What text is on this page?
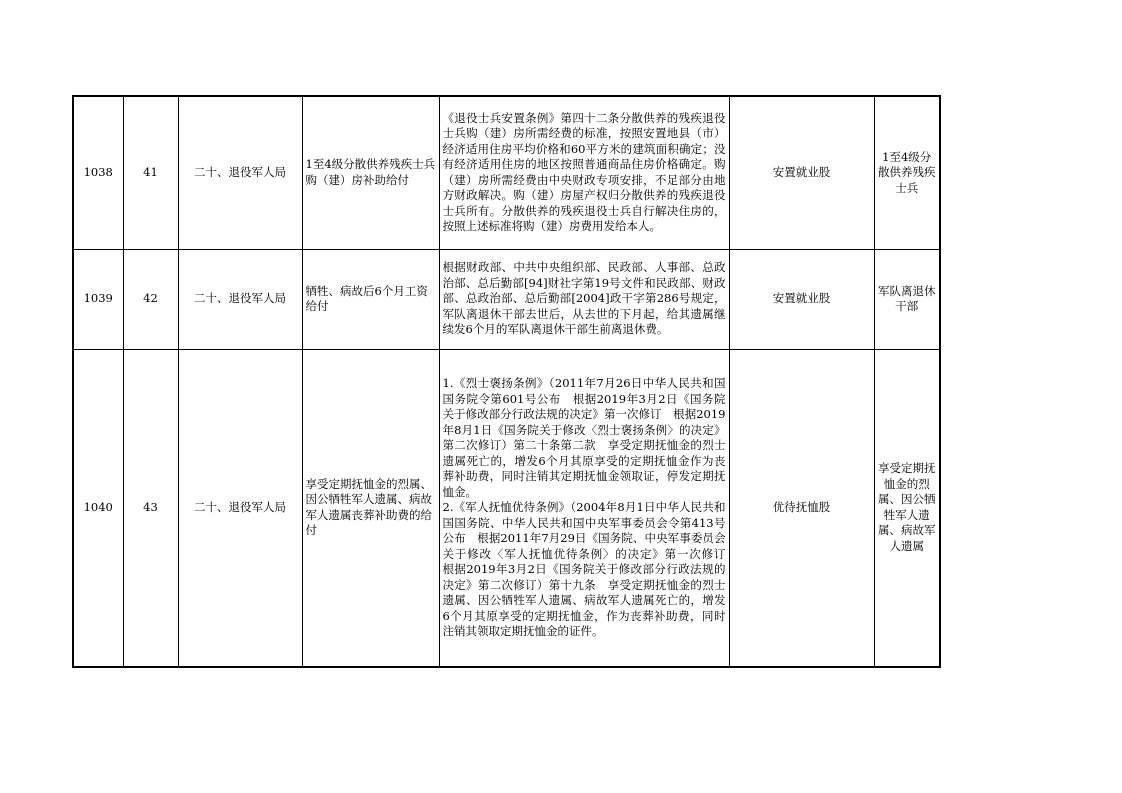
1038	41	二十、退役军人局	1至4级分散供养残疾士兵购（建）房补助给付	《退役士兵安置条例》第四十二条分散供养的残疾退役士兵购（建）房所需经费的标准，按照安置地县（市）经济适用住房平均价格和60平方米的建筑面积确定；没有经济适用住房的地区按照普通商品住房价格确定。购（建）房所需经费由中央财政专项安排，不足部分由地方财政解决。购（建）房屋产权归分散供养的残疾退役士兵所有。分散供养的残疾退役士兵自行解决住房的，按照上述标准将购（建）房费用发给本人。	安置就业股	1至4级分散供养残疾士兵
1039	42	二十、退役军人局	牺牲、病故后6个月工资给付	根据财政部、中共中央组织部、民政部、人事部、总政治部、总后勤部[94]财社字第19号文件和民政部、财政部、总政治部、总后勤部[2004]政干字第286号规定，军队离退休干部去世后，从去世的下月起，给其遗属继续发6个月的军队离退休干部生前离退休费。	安置就业股	军队离退休干部
1040	43	二十、退役军人局	享受定期抚恤金的烈属、因公牺牲军人遗属、病故军人遗属丧葬补助费的给付	1.《烈士褒扬条例》（2011年7月26日中华人民共和国国务院令第601号公布　根据2019年3月2日《国务院关于修改部分行政法规的决定》第一次修订　根据2019年8月1日《国务院关于修改〈烈士褒扬条例〉的决定》第二次修订）第二十条第二款　享受定期抚恤金的烈士遗属死亡的，增发6个月其原享受的定期抚恤金作为丧葬补助费，同时注销其定期抚恤金领取证，停发定期抚恤金。
2.《军人抚恤优待条例》（2004年8月1日中华人民共和国国务院、中华人民共和国中央军事委员会令第413号公布　根据2011年7月29日《国务院、中央军事委员会关于修改〈军人抚恤优待条例〉的决定》第一次修订　根据2019年3月2日《国务院关于修改部分行政法规的决定》第二次修订）第十九条　享受定期抚恤金的烈士遗属、因公牺牲军人遗属、病故军人遗属死亡的，增发6个月其原享受的定期抚恤金，作为丧葬补助费，同时注销其领取定期抚恤金的证件。	优待抚恤股	享受定期抚恤金的烈属、因公牺牲军人遗属、病故军人遗属
